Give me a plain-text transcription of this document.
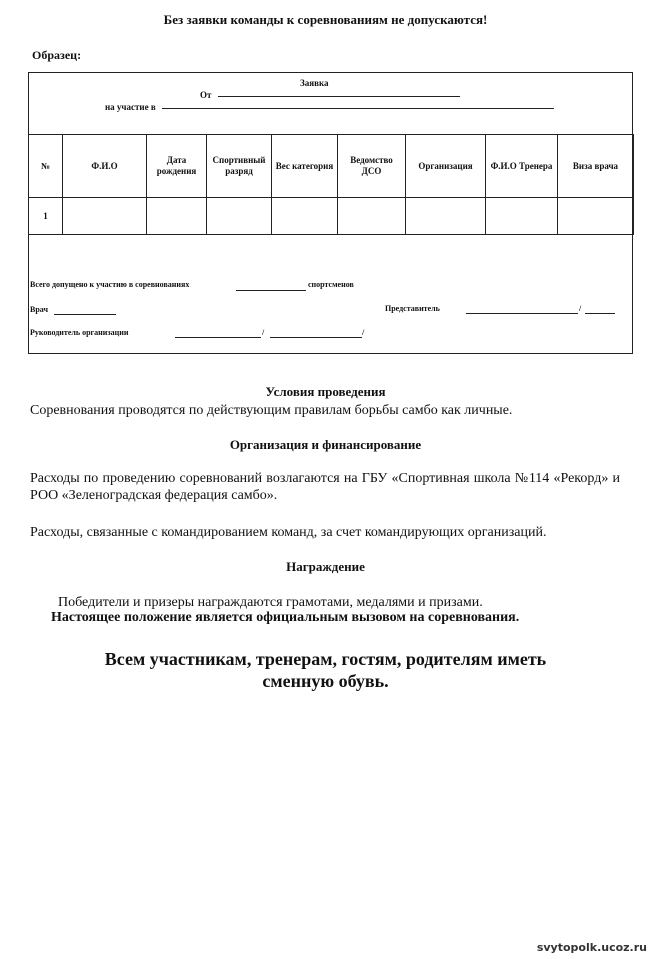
Без заявки команды к соревнованиям не допускаются!
Образец:
Заявка
От
на участие в
№	Ф.И.О	Дата рождения	Спортивный разряд	Вес категория	Ведомство ДСО	Организация	Ф.И.О Тренера	Виза врача
1								
Всего допущено к участию в соревнованиях	спортсменов
Врач	Представитель	/
Руководитель организации	/	/
Условия проведения
Соревнования проводятся по действующим правилам борьбы самбо как личные.
Организация и финансирование
Расходы по проведению соревнований возлагаются на ГБУ «Спортивная школа №114 «Рекорд» и РОО «Зеленоградская федерация самбо».
Расходы, связанные с командированием команд, за счет командирующих организаций.
Награждение
Победители и призеры награждаются грамотами, медалями и призами.
Настоящее положение является официальным вызовом на соревнования.
Всем участникам, тренерам, гостям, родителям иметь
сменную обувь.
svytopolk.ucoz.ru
